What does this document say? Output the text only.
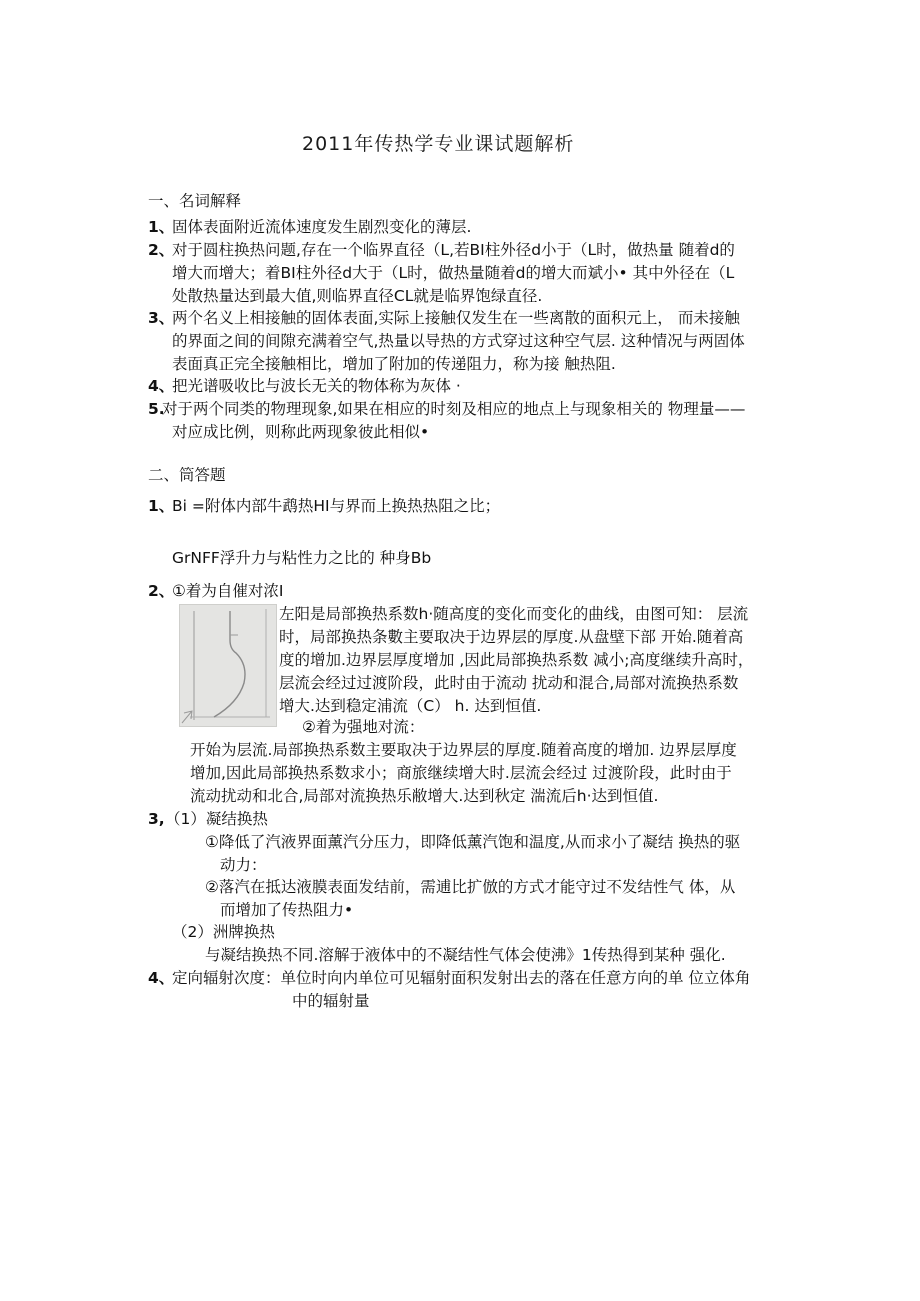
2011年传热学专业课试题解析
一、名词解释
1、
固体表面附近流体速度发生剧烈变化的薄层.
2、
对于圆柱换热问题,存在一个临界直径（L,若BI柱外径d小于（L时，做热量 随着d的
增大而增大；着BI柱外径d大于（L时，做热量随着d的增大而斌小• 其中外径在（L
处散热量达到最大值,则临界直径CL就是临界饱绿直径.
3、
两个名义上相接触的固体表面,实际上接触仅发生在一些离散的面积元上， 而未接触
的界面之间的间隙充满着空气,热量以导热的方式穿过这种空气层. 这种情况与两固体
表面真正完全接触相比，增加了附加的传递阻力，称为接 触热阻.
4、
把光谱吸收比与波长无关的物体称为灰体 ·
5.
对于两个同类的物理现象,如果在相应的时刻及相应的地点上与现象相关的 物理量——
对应成比例，则称此两现象彼此相似•
二、筒答题
1、
Bi =附体内部牛鹉热HI与界而上换热热阻之比；
GrNFF浮升力与粘性力之比的 种身Bb
2、
①着为自催对浓I
左阳是局部换热系数h·随高度的变化而变化的曲线，由图可知： 层流
时，局部换热条數主要取决于边界层的厚度.从盘壁下部 开始.随着高
度的增加.边界层厚度增加 ,因此局部换热系数 减小;高度继续升高时，
层流会经过过渡阶段，此时由于流动 扰动和混合,局部对流换热系数
增大.达到稳定浦流（C） h. 达到恒值.
②着为强地对流：
开始为层流.局部换热系数主要取决于边界层的厚度.随着高度的增加. 边界层厚度
增加,因此局部换热系数求小；商旅继续增大时.层流会经过 过渡阶段，此时由于
流动扰动和北合,局部对流换热乐敝增大.达到秋定 湍流后h·达到恒值.
3, （1）凝结换热
①降低了汽液界面薰汽分压力，即降低薰汽饱和温度,从而求小了凝结 换热的驱
动力：
②落汽在抵达液膜表面发结前，需逋比扩倣的方式才能守过不发结性气 体，从
而增加了传热阻力•
（2）洲牌换热
与凝结换热不同.溶解于液体中的不凝结性气体会使沸》1传热得到某种 强化.
4、
定向辐射次度：单位时向内单位可见辐射面积发射出去的落在任意方向的单 位立体角
中的辐射量
